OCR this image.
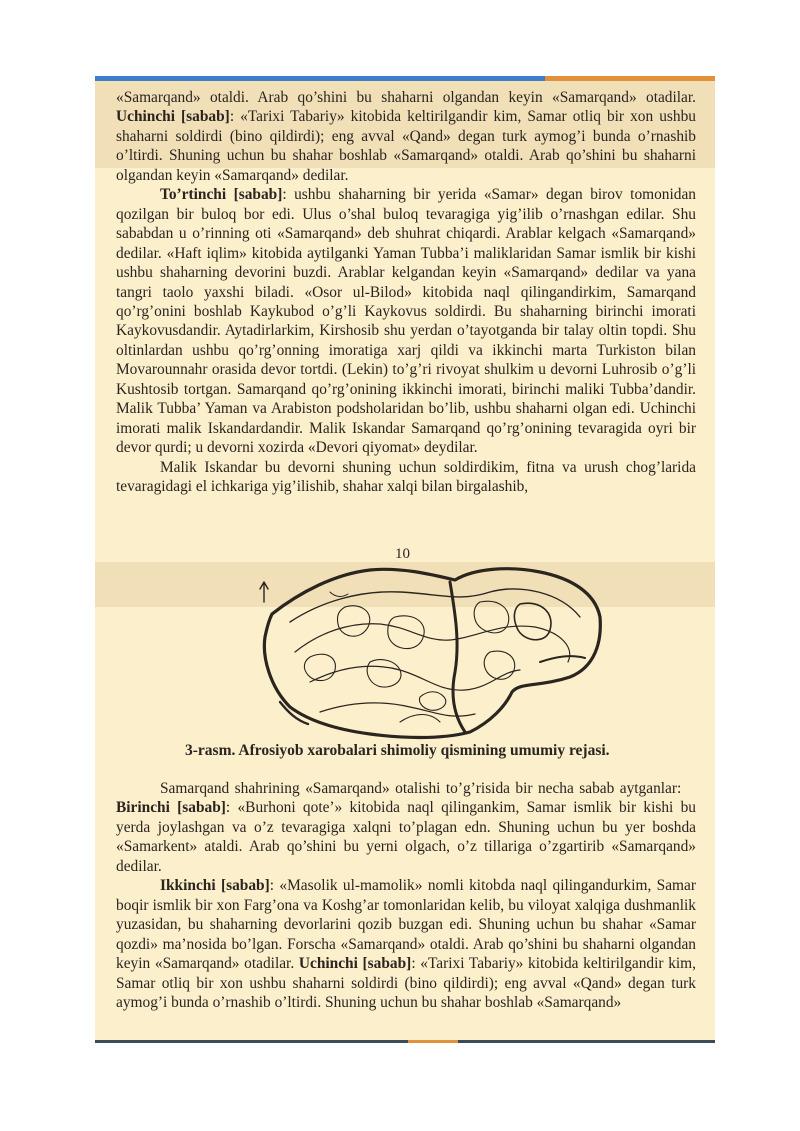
«Samarqand» otaldi. Arab qo’shini bu shaharni olgandan keyin «Samarqand» otadilar. Uchinchi [sabab]: «Tarixi Tabariy» kitobida keltirilgandir kim, Samar otliq bir xon ushbu shaharni soldirdi (bino qildirdi); eng avval «Qand» degan turk aymog’i bunda o’rnashib o’ltirdi. Shuning uchun bu shahar boshlab «Samarqand» otaldi. Arab qo’shini bu shaharni olgandan keyin «Samarqand» dedilar.

To’rtinchi [sabab]: ushbu shaharning bir yerida «Samar» degan birov tomonidan qozilgan bir buloq bor edi. Ulus o’shal buloq tevaragiga yig’ilib o’rnashgan edilar. Shu sababdan u o’rinning oti «Samarqand» deb shuhrat chiqardi. Arablar kelgach «Samarqand» dedilar. «Haft iqlim» kitobida aytilganki Yaman Tubba’i maliklaridan Samar ismlik bir kishi ushbu shaharning devorini buzdi. Arablar kelgandan keyin «Samarqand» dedilar va yana tangri taolo yaxshi biladi. «Osor ul-Bilod» kitobida naql qilingandirkim, Samarqand qo’rg’onini boshlab Kaykubod o’g’li Kaykovus soldirdi. Bu shaharning birinchi imorati Kaykovusdandir. Aytadirlarkim, Kirshosib shu yerdan o’tayotganda bir talay oltin topdi. Shu oltinlardan ushbu qo’rg’onning imoratiga xarj qildi va ikkinchi marta Turkiston bilan Movarounnahr orasida devor tortdi. (Lekin) to’g’ri rivoyat shulkim u devorni Luhrosib o’g’li Kushtosib tortgan. Samarqand qo’rg’onining ikkinchi imorati, birinchi maliki Tubba’dandir. Malik Tubba’ Yaman va Arabiston podsholaridan bo’lib, ushbu shaharni olgan edi. Uchinchi imorati malik Iskandardandir. Malik Iskandar Samarqand qo’rg’onining tevaragida oyri bir devor qurdi; u devorni xozirda «Devori qiyomat» deydilar.

Malik Iskandar bu devorni shuning uchun soldirdikim, fitna va urush chog’larida tevaragidagi el ichkariga yig’ilishib, shahar xalqi bilan birgalashib,

10
3-rasm. Afrosiyob xarobalari shimoliy qismining umumiy rejasi.

Samarqand shahrining «Samarqand» otalishi to’g’risida bir necha sabab aytganlar:    Birinchi [sabab]: «Burhoni qote’» kitobida naql qilingankim, Samar ismlik bir kishi bu yerda joylashgan va o’z tevaragiga xalqni to’plagan edn. Shuning uchun bu yer boshda «Samarkent» ataldi. Arab qo’shini bu yerni olgach, o’z tillariga o’zgartirib «Samarqand» dedilar.

Ikkinchi [sabab]: «Masolik ul-mamolik» nomli kitobda naql qilingandurkim, Samar boqir ismlik bir xon Farg’ona va Koshg’ar tomonlaridan kelib, bu viloyat xalqiga dushmanlik yuzasidan, bu shaharning devorlarini qozib buzgan edi. Shuning uchun bu shahar «Samar qozdi» ma’nosida bo’lgan. Forscha «Samarqand» otaldi. Arab qo’shini bu shaharni olgandan keyin «Samarqand» otadilar. Uchinchi [sabab]: «Tarixi Tabariy» kitobida keltirilgandir kim, Samar otliq bir xon ushbu shaharni soldirdi (bino qildirdi); eng avval «Qand» degan turk aymog’i bunda o’rnashib o’ltirdi. Shuning uchun bu shahar boshlab «Samarqand»
